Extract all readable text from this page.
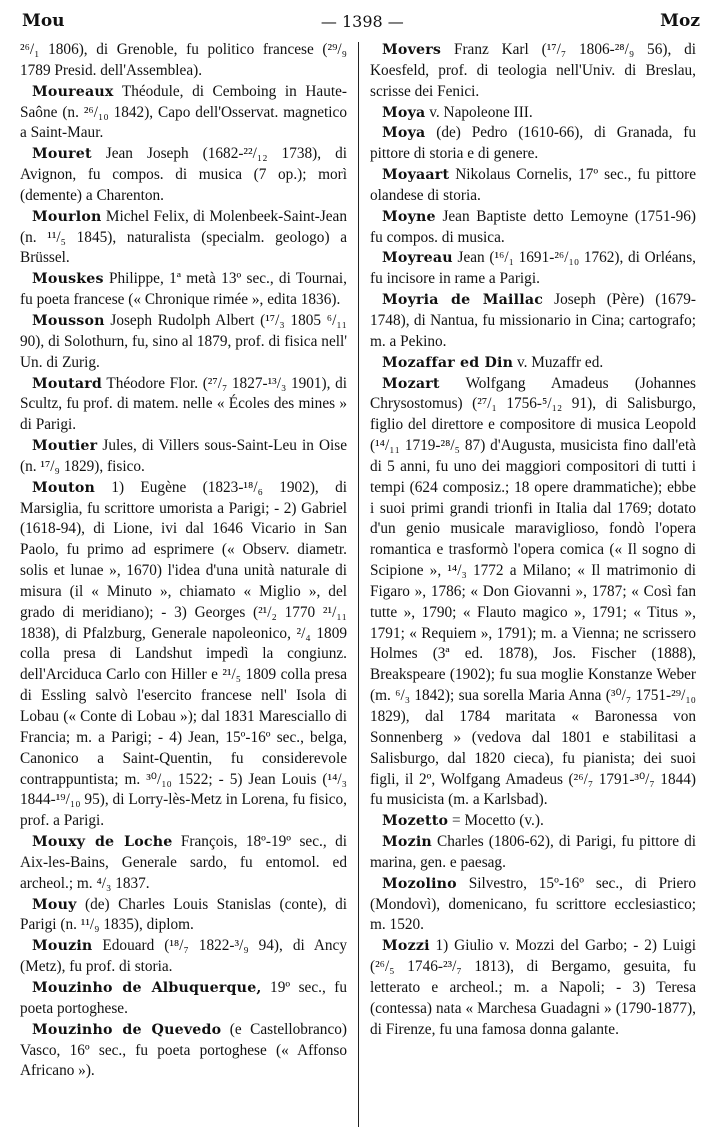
Mou	— 1398 —	Moz

²⁶/₁ 1806), di Grenoble, fu politico francese (²⁹/₉ 1789 Presid. dell'Assemblea).

Moureaux Théodule, di Cemboing in Haute-Saône (n. ²⁶/₁₀ 1842), Capo dell'Osservat. magnetico a Saint-Maur.

Mouret Jean Joseph (1682-²²/₁₂ 1738), di Avignon, fu compos. di musica (7 op.); morì (demente) a Charenton.

Mourlon Michel Felix, di Molenbeek-Saint-Jean (n. ¹¹/₅ 1845), naturalista (specialm. geologo) a Brüssel.

Mouskes Philippe, 1ª metà 13º sec., di Tournai, fu poeta francese (« Chronique rimée », edita 1836).

Mousson Joseph Rudolph Albert (¹⁷/₃ 1805 ⁶/₁₁ 90), di Solothurn, fu, sino al 1879, prof. di fisica nell' Un. di Zurig.

Moutard Théodore Flor. (²⁷/₇ 1827-¹³/₃ 1901), di Scultz, fu prof. di matem. nelle « Écoles des mines » di Parigi.

Moutier Jules, di Villers sous-Saint-Leu in Oise (n. ¹⁷/₉ 1829), fisico.

Mouton 1) Eugène (1823-¹⁸/₆ 1902), di Marsiglia, fu scrittore umorista a Parigi; - 2) Gabriel (1618-94), di Lione, ivi dal 1646 Vicario in San Paolo, fu primo ad esprimere (« Observ. diametr. solis et lunae », 1670) l'idea d'una unità naturale di misura (il « Minuto », chiamato « Miglio », del grado di meridiano); - 3) Georges (²¹/₂ 1770 ²¹/₁₁ 1838), di Pfalzburg, Generale napoleonico, ²/₄ 1809 colla presa di Landshut impedì la congiunz. dell'Arciduca Carlo con Hiller e ²¹/₅ 1809 colla presa di Essling salvò l'esercito francese nell' Isola di Lobau (« Conte di Lobau »); dal 1831 Maresciallo di Francia; m. a Parigi; - 4) Jean, 15º-16º sec., belga, Canonico a Saint-Quentin, fu considerevole contrappuntista; m. ³⁰/₁₀ 1522; - 5) Jean Louis (¹⁴/₃ 1844-¹⁹/₁₀ 95), di Lorry-lès-Metz in Lorena, fu fisico, prof. a Parigi.

Mouxy de Loche François, 18º-19º sec., di Aix-les-Bains, Generale sardo, fu entomol. ed archeol.; m. ⁴/₃ 1837.

Mouy (de) Charles Louis Stanislas (conte), di Parigi (n. ¹¹/₉ 1835), diplom.

Mouzin Edouard (¹⁸/₇ 1822-³/₉ 94), di Ancy (Metz), fu prof. di storia.

Mouzinho de Albuquerque, 19º sec., fu poeta portoghese.

Mouzinho de Quevedo (e Castellobranco) Vasco, 16º sec., fu poeta portoghese (« Affonso Africano »).

Movers Franz Karl (¹⁷/₇ 1806-²⁸/₉ 56), di Koesfeld, prof. di teologia nell'Univ. di Breslau, scrisse dei Fenici.

Moya v. Napoleone III.

Moya (de) Pedro (1610-66), di Granada, fu pittore di storia e di genere.

Moyaart Nikolaus Cornelis, 17º sec., fu pittore olandese di storia.

Moyne Jean Baptiste detto Lemoyne (1751-96) fu compos. di musica.

Moyreau Jean (¹⁶/₁ 1691-²⁶/₁₀ 1762), di Orléans, fu incisore in rame a Parigi.

Moyria de Maillac Joseph (Père) (1679-1748), di Nantua, fu missionario in Cina; cartografo; m. a Pekino.

Mozaffar ed Din v. Muzaffr ed.

Mozart Wolfgang Amadeus (Johannes Chrysostomus) (²⁷/₁ 1756-⁵/₁₂ 91), di Salisburgo, figlio del direttore e compositore di musica Leopold (¹⁴/₁₁ 1719-²⁸/₅ 87) d'Augusta, musicista fino dall'età di 5 anni, fu uno dei maggiori compositori di tutti i tempi (624 composiz.; 18 opere drammatiche); ebbe i suoi primi grandi trionfi in Italia dal 1769; dotato d'un genio musicale maraviglioso, fondò l'opera romantica e trasformò l'opera comica (« Il sogno di Scipione », ¹⁴/₃ 1772 a Milano; « Il matrimonio di Figaro », 1786; « Don Giovanni », 1787; « Così fan tutte », 1790; « Flauto magico », 1791; « Titus », 1791; « Requiem », 1791); m. a Vienna; ne scrissero Holmes (3ª ed. 1878), Jos. Fischer (1888), Breakspeare (1902); fu sua moglie Konstanze Weber (m. ⁶/₃ 1842); sua sorella Maria Anna (³⁰/₇ 1751-²⁹/₁₀ 1829), dal 1784 maritata « Baronessa von Sonnenberg » (vedova dal 1801 e stabilitasi a Salisburgo, dal 1820 cieca), fu pianista; dei suoi figli, il 2º, Wolfgang Amadeus (²⁶/₇ 1791-³⁰/₇ 1844) fu musicista (m. a Karlsbad).

Mozetto = Mocetto (v.).

Mozin Charles (1806-62), di Parigi, fu pittore di marina, gen. e paesag.

Mozolino Silvestro, 15º-16º sec., di Priero (Mondovì), domenicano, fu scrittore ecclesiastico; m. 1520.

Mozzi 1) Giulio v. Mozzi del Garbo; - 2) Luigi (²⁶/₅ 1746-²³/₇ 1813), di Bergamo, gesuita, fu letterato e archeol.; m. a Napoli; - 3) Teresa (contessa) nata « Marchesa Guadagni » (1790-1877), di Firenze, fu una famosa donna galante.
